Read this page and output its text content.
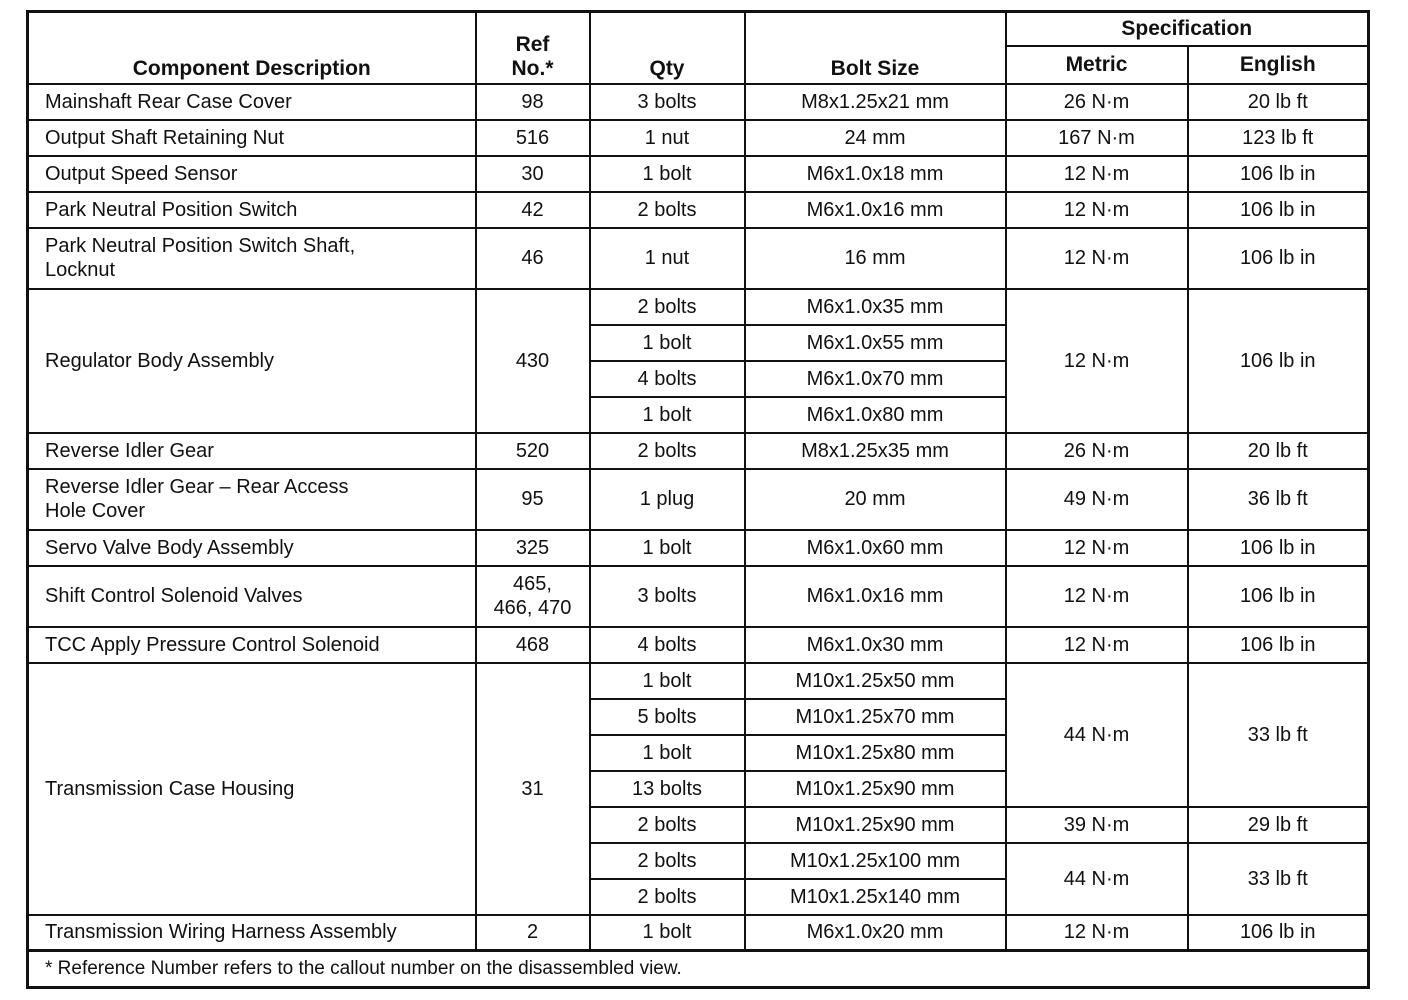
Component Description	Ref
No.*	Qty	Bolt Size	Specification	
				Metric	English
Mainshaft Rear Case Cover	98	3 bolts	M8x1.25x21 mm	26 N·m	20 lb ft
Output Shaft Retaining Nut	516	1 nut	24 mm	167 N·m	123 lb ft
Output Speed Sensor	30	1 bolt	M6x1.0x18 mm	12 N·m	106 lb in
Park Neutral Position Switch	42	2 bolts	M6x1.0x16 mm	12 N·m	106 lb in
Park Neutral Position Switch Shaft,
Locknut	46	1 nut	16 mm	12 N·m	106 lb in
Regulator Body Assembly	430	2 bolts	M6x1.0x35 mm	12 N·m	106 lb in
		1 bolt	M6x1.0x55 mm		
		4 bolts	M6x1.0x70 mm		
		1 bolt	M6x1.0x80 mm		
Reverse Idler Gear	520	2 bolts	M8x1.25x35 mm	26 N·m	20 lb ft
Reverse Idler Gear – Rear Access
Hole Cover	95	1 plug	20 mm	49 N·m	36 lb ft
Servo Valve Body Assembly	325	1 bolt	M6x1.0x60 mm	12 N·m	106 lb in
Shift Control Solenoid Valves	465,
466, 470	3 bolts	M6x1.0x16 mm	12 N·m	106 lb in
TCC Apply Pressure Control Solenoid	468	4 bolts	M6x1.0x30 mm	12 N·m	106 lb in
Transmission Case Housing	31	1 bolt	M10x1.25x50 mm	44 N·m	33 lb ft
		5 bolts	M10x1.25x70 mm		
		1 bolt	M10x1.25x80 mm		
		13 bolts	M10x1.25x90 mm		
		2 bolts	M10x1.25x90 mm	39 N·m	29 lb ft
		2 bolts	M10x1.25x100 mm	44 N·m	33 lb ft
		2 bolts	M10x1.25x140 mm		
Transmission Wiring Harness Assembly	2	1 bolt	M6x1.0x20 mm	12 N·m	106 lb in
* Reference Number refers to the callout number on the disassembled view.					
